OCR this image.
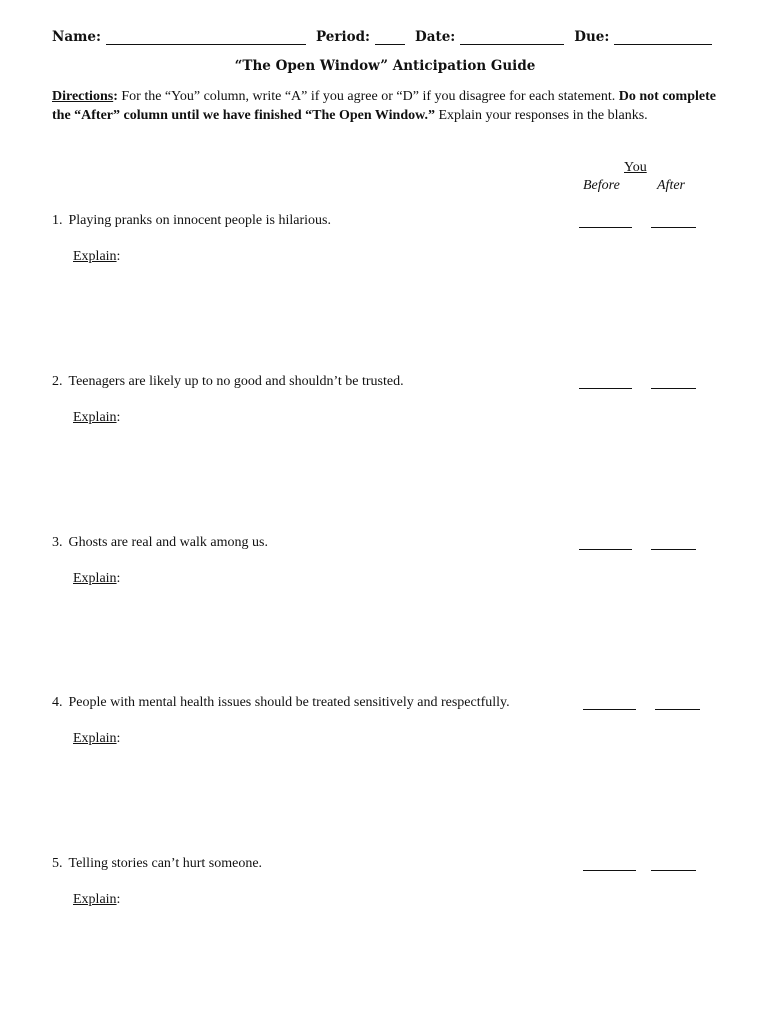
Name:	Period:	Date:	Due:
“The Open Window” Anticipation Guide
Directions: For the “You” column, write “A” if you agree or “D” if you disagree for each statement. Do not complete the “After” column until we have finished “The Open Window.” Explain your responses in the blanks.
You
Before	After
1. Playing pranks on innocent people is hilarious.
Explain:
2. Teenagers are likely up to no good and shouldn’t be trusted.
Explain:
3. Ghosts are real and walk among us.
Explain:
4. People with mental health issues should be treated sensitively and respectfully.
Explain:
5. Telling stories can’t hurt someone.
Explain:
